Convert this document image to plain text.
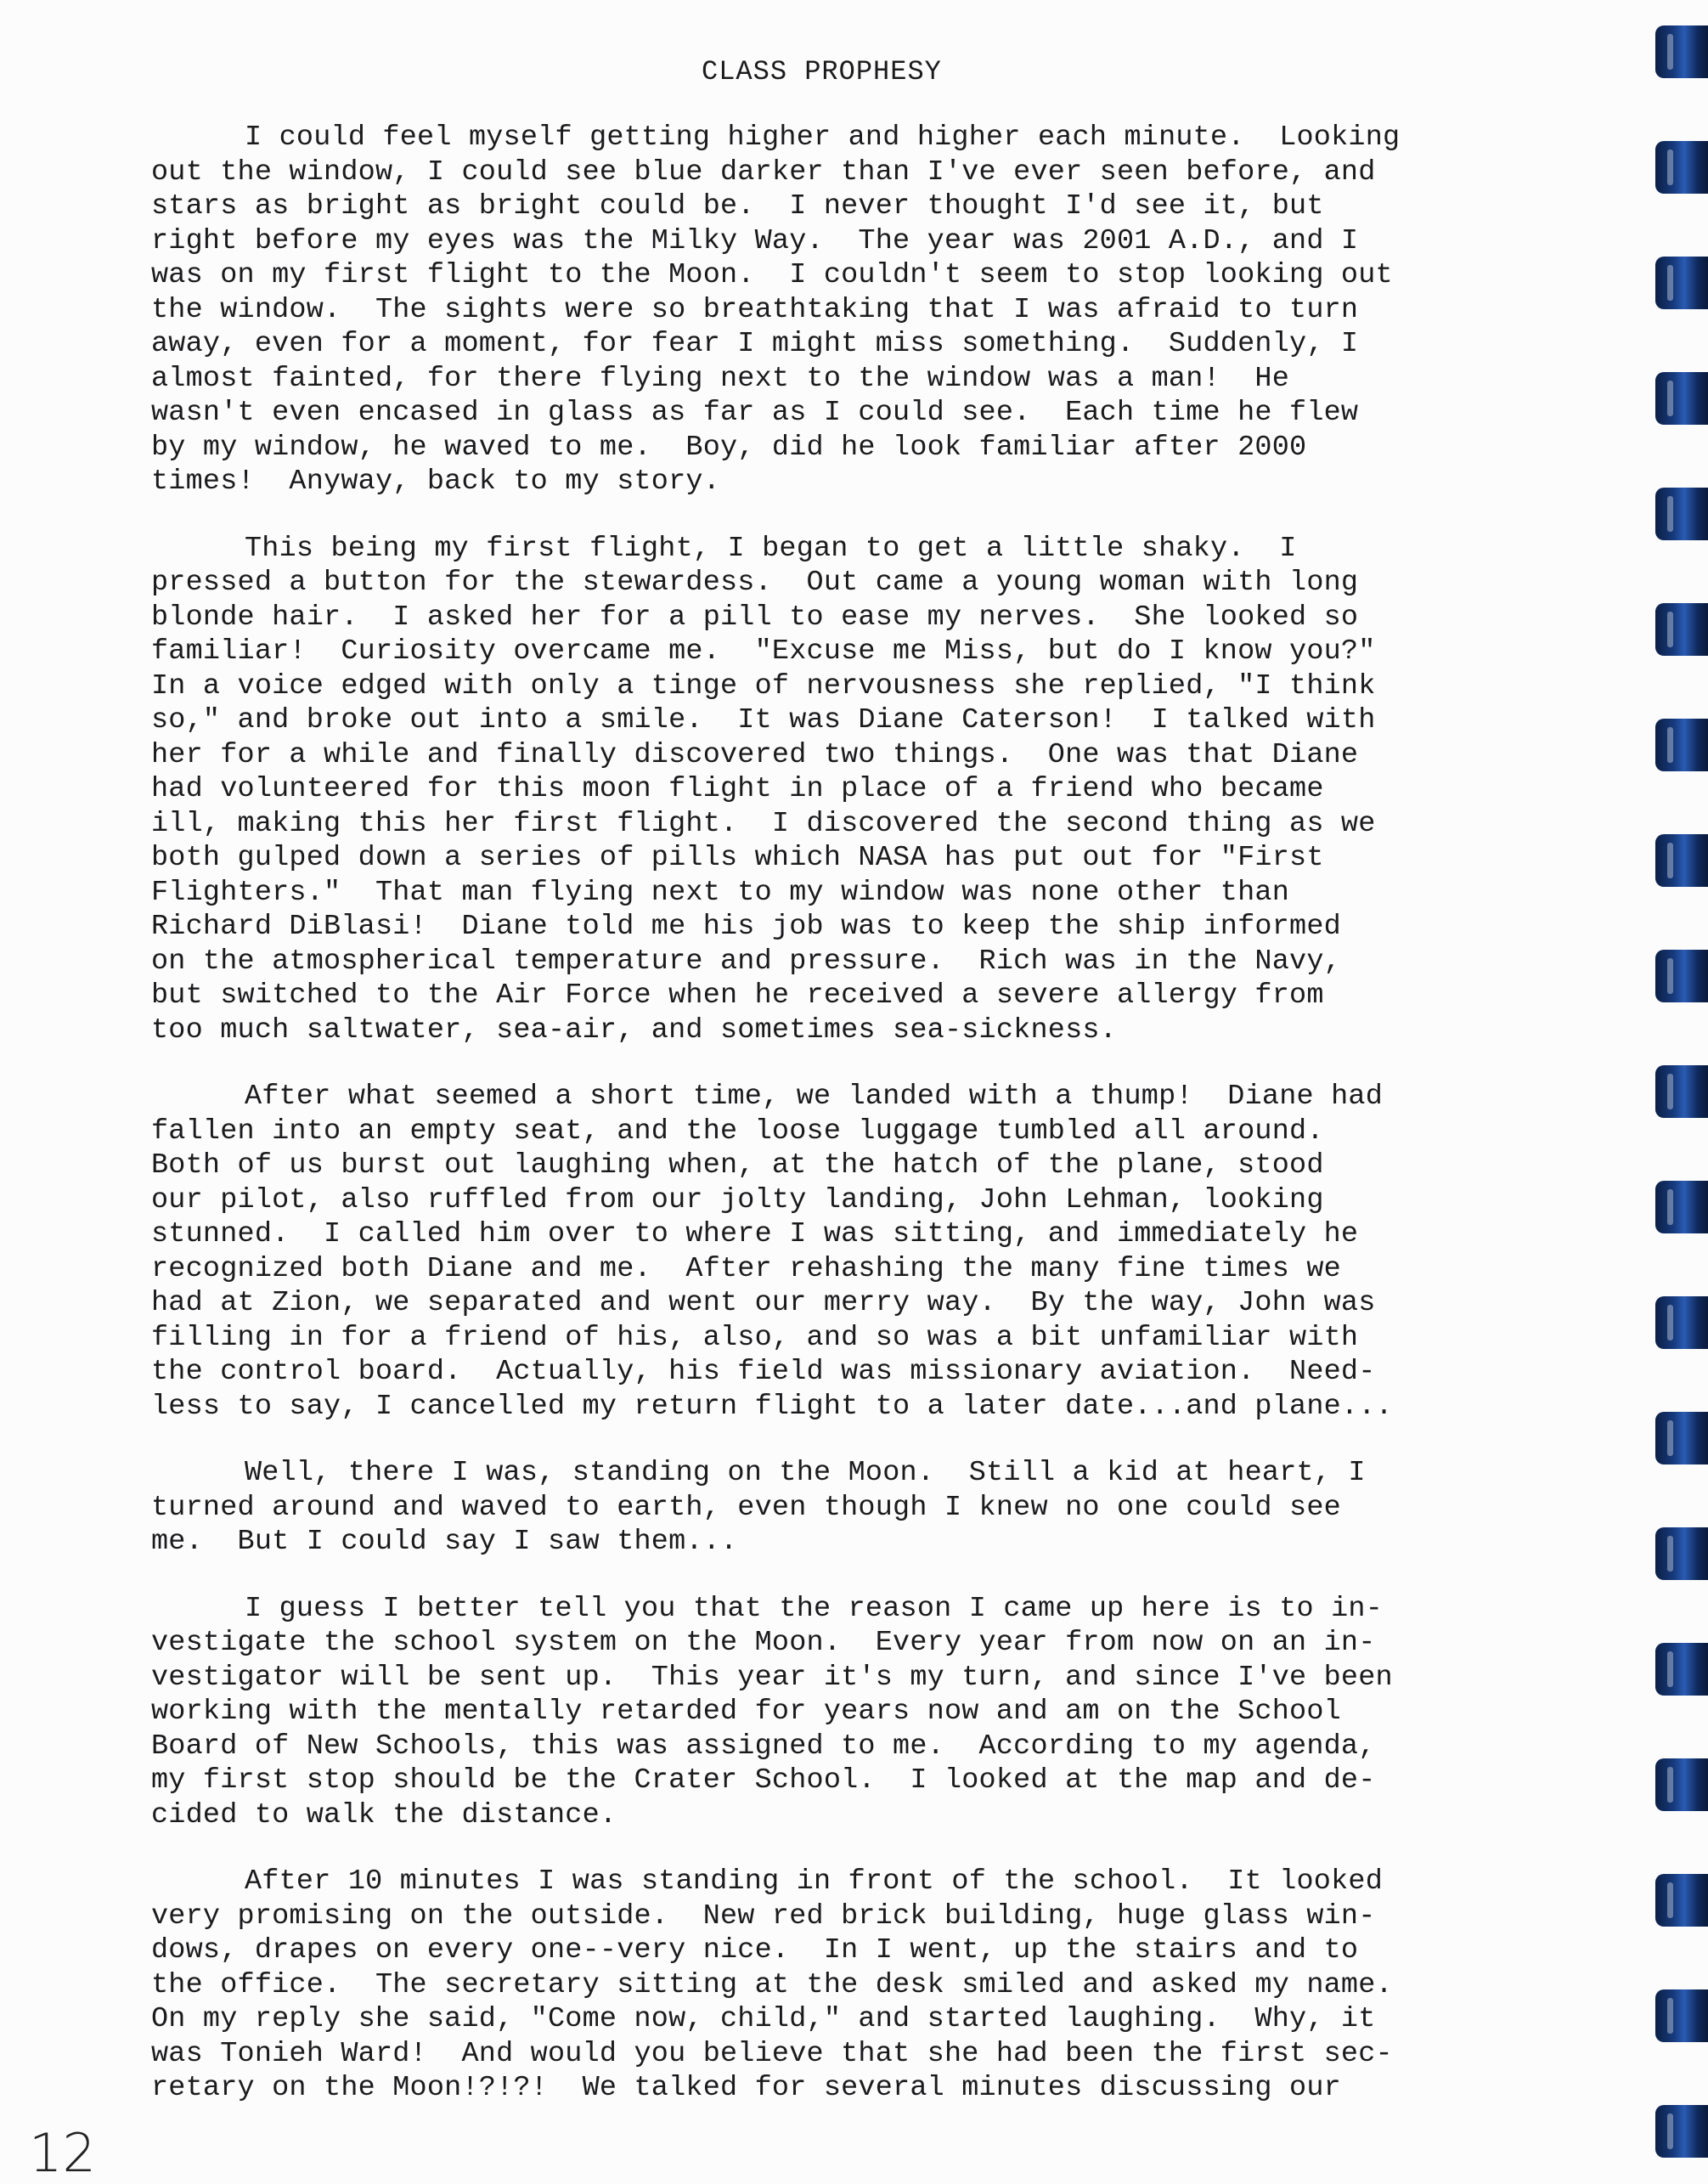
CLASS PROPHESY
I could feel myself getting higher and higher each minute.  Looking
out the window, I could see blue darker than I've ever seen before, and
stars as bright as bright could be.  I never thought I'd see it, but
right before my eyes was the Milky Way.  The year was 2001 A.D., and I
was on my first flight to the Moon.  I couldn't seem to stop looking out
the window.  The sights were so breathtaking that I was afraid to turn
away, even for a moment, for fear I might miss something.  Suddenly, I
almost fainted, for there flying next to the window was a man!  He
wasn't even encased in glass as far as I could see.  Each time he flew
by my window, he waved to me.  Boy, did he look familiar after 2000
times!  Anyway, back to my story.
This being my first flight, I began to get a little shaky.  I
pressed a button for the stewardess.  Out came a young woman with long
blonde hair.  I asked her for a pill to ease my nerves.  She looked so
familiar!  Curiosity overcame me.  "Excuse me Miss, but do I know you?"
In a voice edged with only a tinge of nervousness she replied, "I think
so," and broke out into a smile.  It was Diane Caterson!  I talked with
her for a while and finally discovered two things.  One was that Diane
had volunteered for this moon flight in place of a friend who became
ill, making this her first flight.  I discovered the second thing as we
both gulped down a series of pills which NASA has put out for "First
Flighters."  That man flying next to my window was none other than
Richard DiBlasi!  Diane told me his job was to keep the ship informed
on the atmospherical temperature and pressure.  Rich was in the Navy,
but switched to the Air Force when he received a severe allergy from
too much saltwater, sea-air, and sometimes sea-sickness.
After what seemed a short time, we landed with a thump!  Diane had
fallen into an empty seat, and the loose luggage tumbled all around.
Both of us burst out laughing when, at the hatch of the plane, stood
our pilot, also ruffled from our jolty landing, John Lehman, looking
stunned.  I called him over to where I was sitting, and immediately he
recognized both Diane and me.  After rehashing the many fine times we
had at Zion, we separated and went our merry way.  By the way, John was
filling in for a friend of his, also, and so was a bit unfamiliar with
the control board.  Actually, his field was missionary aviation.  Need-
less to say, I cancelled my return flight to a later date...and plane...
Well, there I was, standing on the Moon.  Still a kid at heart, I
turned around and waved to earth, even though I knew no one could see
me.  But I could say I saw them...
I guess I better tell you that the reason I came up here is to in-
vestigate the school system on the Moon.  Every year from now on an in-
vestigator will be sent up.  This year it's my turn, and since I've been
working with the mentally retarded for years now and am on the School
Board of New Schools, this was assigned to me.  According to my agenda,
my first stop should be the Crater School.  I looked at the map and de-
cided to walk the distance.
After 10 minutes I was standing in front of the school.  It looked
very promising on the outside.  New red brick building, huge glass win-
dows, drapes on every one--very nice.  In I went, up the stairs and to
the office.  The secretary sitting at the desk smiled and asked my name.
On my reply she said, "Come now, child," and started laughing.  Why, it
was Tonieh Ward!  And would you believe that she had been the first sec-
retary on the Moon!?!?!  We talked for several minutes discussing our
12
